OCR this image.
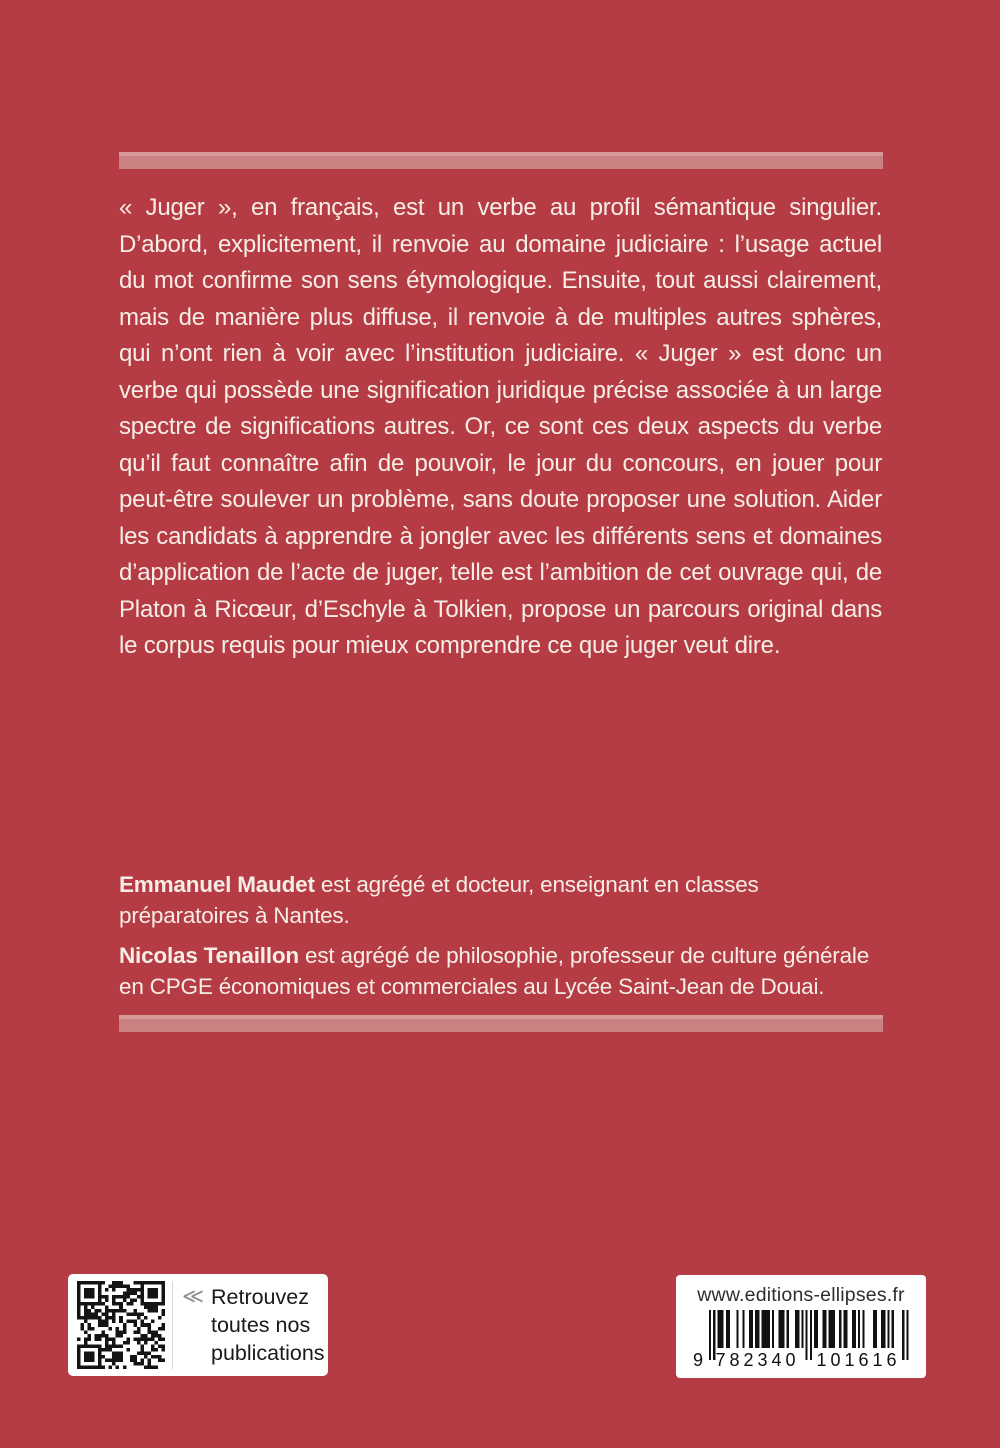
« Juger », en français, est un verbe au profil sémantique singulier. D’abord, explicitement, il renvoie au domaine judiciaire : l’usage actuel du mot confirme son sens étymologique. Ensuite, tout aussi clairement, mais de manière plus diffuse, il renvoie à de multiples autres sphères, qui n’ont rien à voir avec l’institution judiciaire. « Juger » est donc un verbe qui possède une signification juridique précise associée à un large spectre de significations autres. Or, ce sont ces deux aspects du verbe qu’il faut connaître afin de pouvoir, le jour du concours, en jouer pour peut-être soulever un problème, sans doute proposer une solution. Aider les candidats à apprendre à jongler avec les différents sens et domaines d’application de l’acte de juger, telle est l’ambition de cet ouvrage qui, de Platon à Ricœur, d’Eschyle à Tolkien, propose un parcours original dans le corpus requis pour mieux comprendre ce que juger veut dire.

Emmanuel Maudet est agrégé et docteur, enseignant en classes préparatoires à Nantes.

Nicolas Tenaillon est agrégé de philosophie, professeur de culture générale en CPGE économiques et commerciales au Lycée Saint-Jean de Douai.

≪ Retrouvez toutes nos publications
www.editions-ellipses.fr
9 782340 101616
